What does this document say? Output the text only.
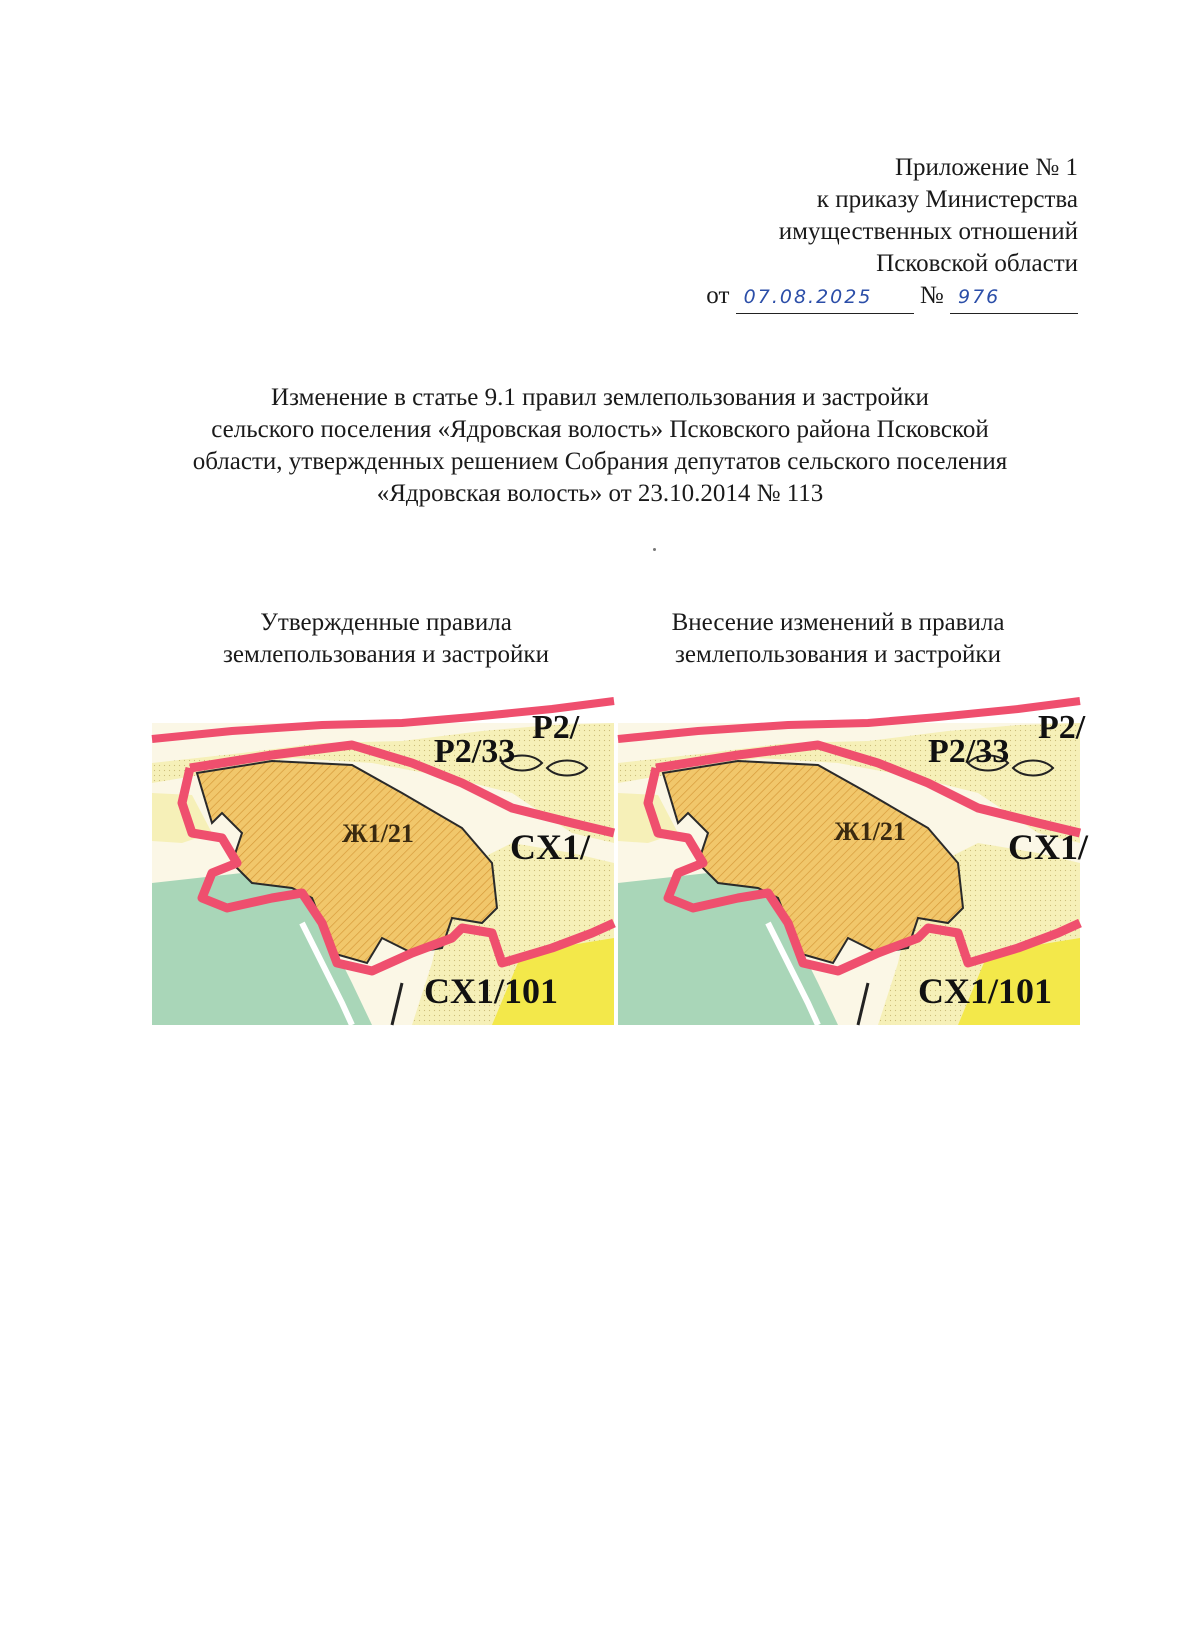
Приложение № 1
к приказу Министерства
имущественных отношений
Псковской области
от 07.08.2025 № 976
Изменение в статье 9.1 правил землепользования и застройки
сельского поселения «Ядровская волость» Псковского района Псковской
области, утвержденных решением Собрания депутатов сельского поселения
«Ядровская волость» от 23.10.2014 № 113
Утвержденные правила
землепользования и застройки
Внесение изменений в правила
землепользования и застройки
P2/
P2/33
Ж1/21	CX1/
CX1/101
P2/
P2/33
Ж1/21	CX1/
CX1/101
